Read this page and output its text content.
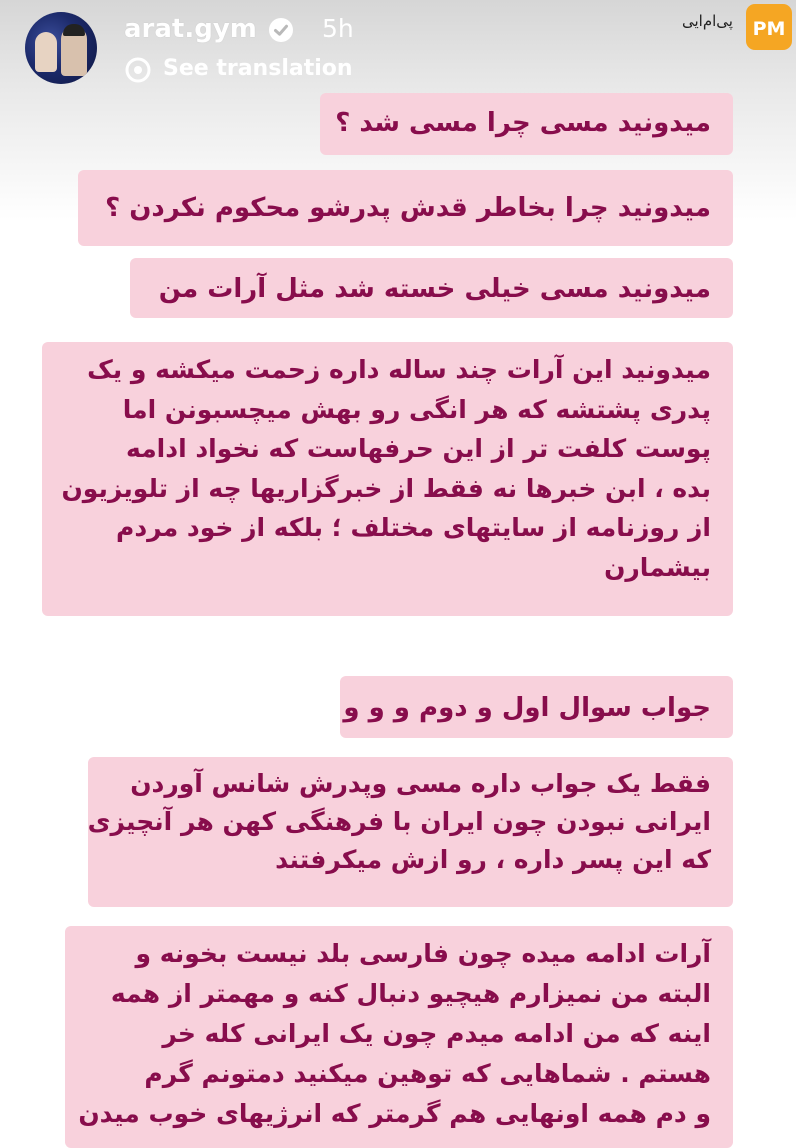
arat.gym	5h
See translation
پی‌ام‌ایی PM
میدونید مسی چرا مسی شد ؟
میدونید چرا بخاطر قدش پدرشو محکوم نکردن ؟
میدونید مسی خیلی خسته شد مثل آرات من
میدونید این آرات چند ساله داره زحمت میکشه و یک
پدری پشتشه که هر انگی رو بهش میچسبونن اما
پوست کلفت تر از این حرفهاست که نخواد ادامه
بده ، ابن خبرها نه فقط از خبرگزاریها چه از تلویزیون
از روزنامه از سایتهای مختلف ؛ بلکه از خود مردم
بیشمارن
جواب سوال اول و دوم و و و
فقط یک جواب داره مسی وپدرش شانس آوردن
ایرانی نبودن چون ایران با فرهنگی کهن هر آنچیزی
که این پسر داره ، رو ازش میکرفتند
آرات ادامه میده چون فارسی بلد نیست بخونه و
البته من نمیزارم هیچیو دنبال کنه و مهمتر از همه
اینه که من ادامه میدم چون یک ایرانی کله خر
هستم . شماهایی که توهین میکنید دمتونم گرم
و دم همه اونهایی هم گرمتر که انرژیهای خوب میدن
